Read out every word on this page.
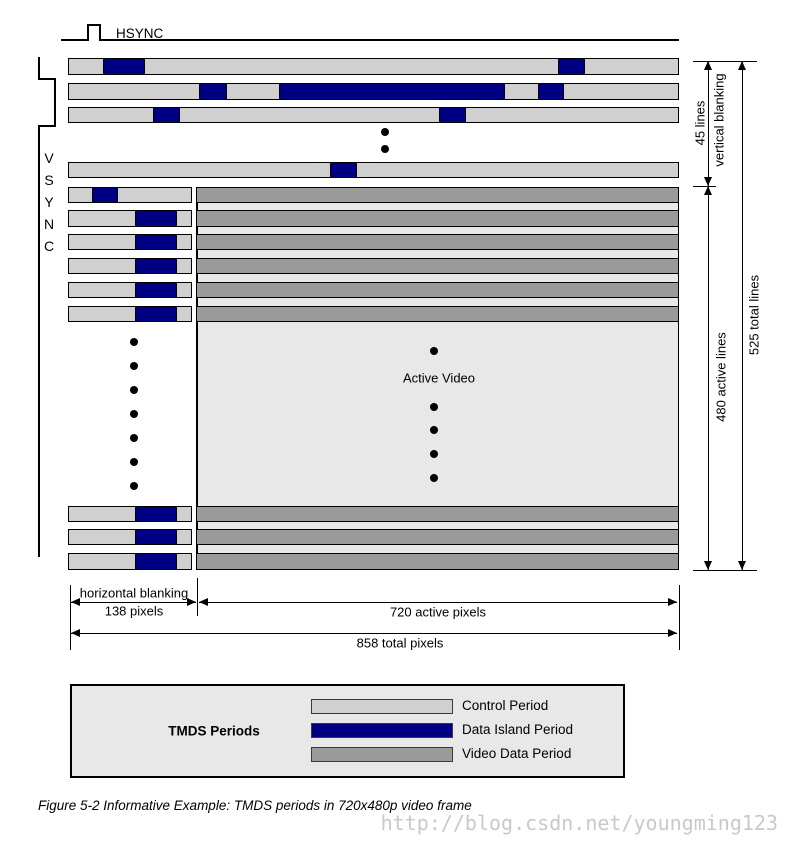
HSYNC
V
S
Y
N
C
Active Video
45 lines vertical blanking
480 active lines
525 total lines
horizontal blanking
138 pixels	720 active pixels
858 total pixels
TMDS Periods
Control Period
Data Island Period
Video Data Period
Figure 5-2 Informative Example: TMDS periods in 720x480p video frame
http://blog.csdn.net/youngming123
